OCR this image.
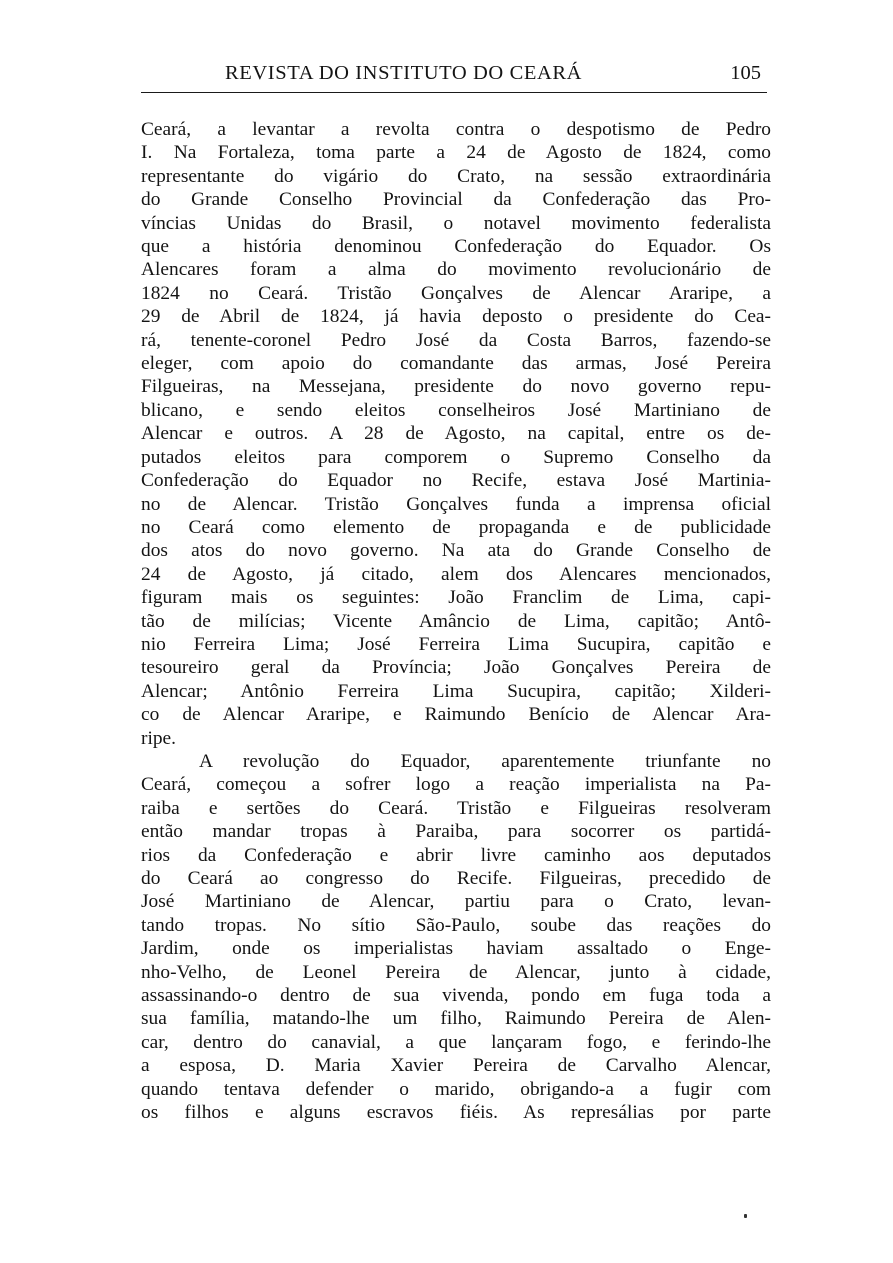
REVISTA DO INSTITUTO DO CEARÁ	105
Ceará, a levantar a revolta contra o despotismo de Pedro
I. Na Fortaleza, toma parte a 24 de Agosto de 1824, como
representante do vigário do Crato, na sessão extraordinária
do Grande Conselho Provincial da Confederação das Pro-
víncias Unidas do Brasil, o notavel movimento federalista
que a história denominou Confederação do Equador. Os
Alencares foram a alma do movimento revolucionário de
1824 no Ceará. Tristão Gonçalves de Alencar Araripe, a
29 de Abril de 1824, já havia deposto o presidente do Cea-
rá, tenente-coronel Pedro José da Costa Barros, fazendo-se
eleger, com apoio do comandante das armas, José Pereira
Filgueiras, na Messejana, presidente do novo governo repu-
blicano, e sendo eleitos conselheiros José Martiniano de
Alencar e outros. A 28 de Agosto, na capital, entre os de-
putados eleitos para comporem o Supremo Conselho da
Confederação do Equador no Recife, estava José Martinia-
no de Alencar. Tristão Gonçalves funda a imprensa oficial
no Ceará como elemento de propaganda e de publicidade
dos atos do novo governo. Na ata do Grande Conselho de
24 de Agosto, já citado, alem dos Alencares mencionados,
figuram mais os seguintes: João Franclim de Lima, capi-
tão de milícias; Vicente Amâncio de Lima, capitão; Antô-
nio Ferreira Lima; José Ferreira Lima Sucupira, capitão e
tesoureiro geral da Província; João Gonçalves Pereira de
Alencar; Antônio Ferreira Lima Sucupira, capitão; Xilderi-
co de Alencar Araripe, e Raimundo Benício de Alencar Ara-
ripe.
A revolução do Equador, aparentemente triunfante no
Ceará, começou a sofrer logo a reação imperialista na Pa-
raiba e sertões do Ceará. Tristão e Filgueiras resolveram
então mandar tropas à Paraiba, para socorrer os partidá-
rios da Confederação e abrir livre caminho aos deputados
do Ceará ao congresso do Recife. Filgueiras, precedido de
José Martiniano de Alencar, partiu para o Crato, levan-
tando tropas. No sítio São-Paulo, soube das reações do
Jardim, onde os imperialistas haviam assaltado o Enge-
nho-Velho, de Leonel Pereira de Alencar, junto à cidade,
assassinando-o dentro de sua vivenda, pondo em fuga toda a
sua família, matando-lhe um filho, Raimundo Pereira de Alen-
car, dentro do canavial, a que lançaram fogo, e ferindo-lhe
a esposa, D. Maria Xavier Pereira de Carvalho Alencar,
quando tentava defender o marido, obrigando-a a fugir com
os filhos e alguns escravos fiéis. As represálias por parte
